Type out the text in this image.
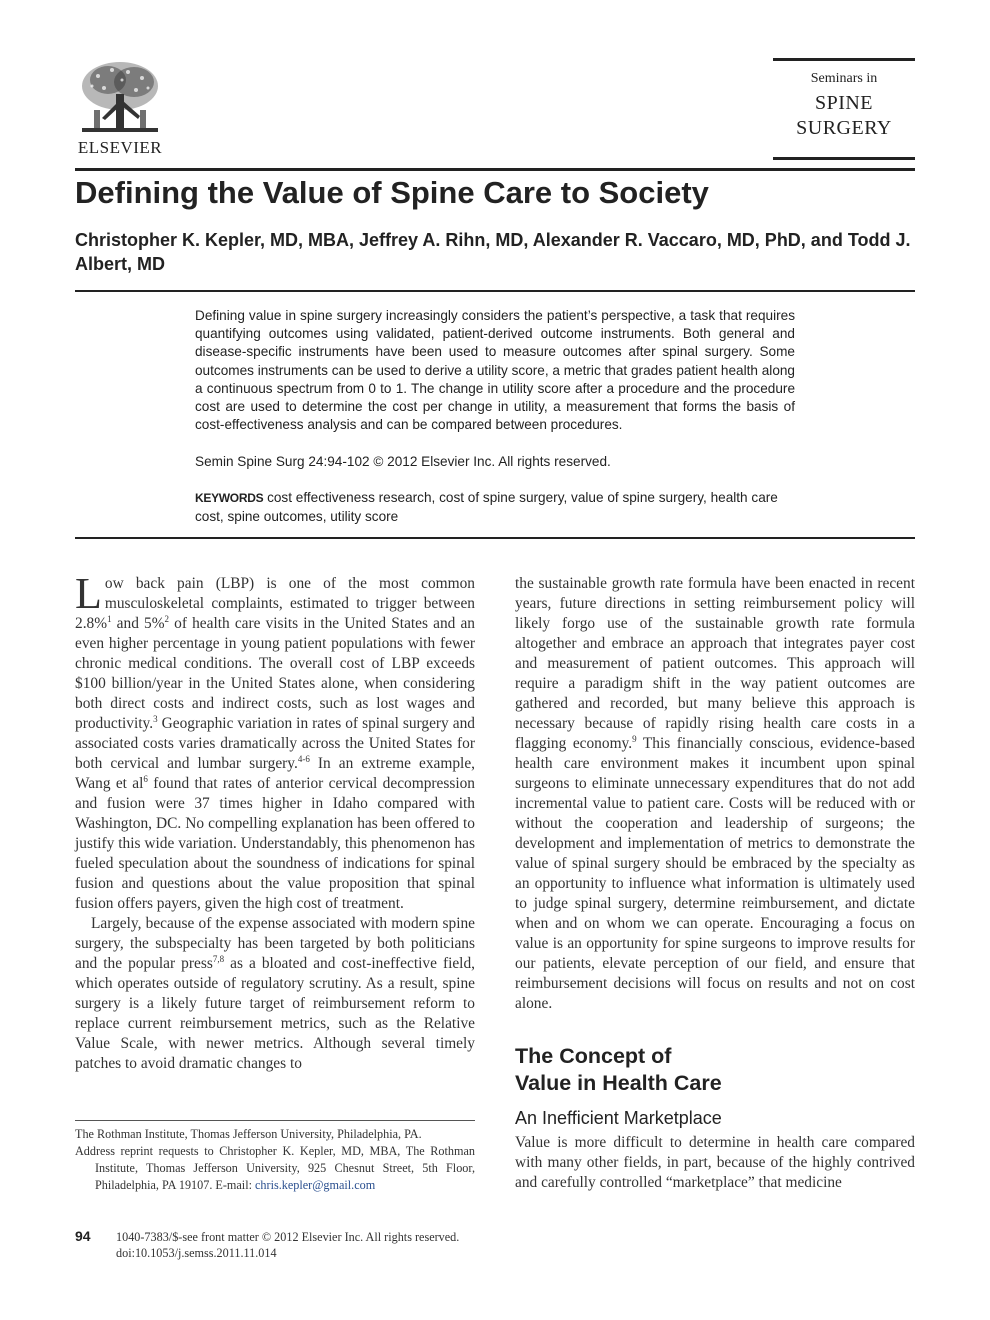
ELSEVIER
Seminars in
SPINE
SURGERY
Defining the Value of Spine Care to Society
Christopher K. Kepler, MD, MBA, Jeffrey A. Rihn, MD, Alexander R. Vaccaro, MD, PhD, and Todd J. Albert, MD
Defining value in spine surgery increasingly considers the patient’s perspective, a task that requires quantifying outcomes using validated, patient-derived outcome instruments. Both general and disease-specific instruments have been used to measure outcomes after spinal surgery. Some outcomes instruments can be used to derive a utility score, a metric that grades patient health along a continuous spectrum from 0 to 1. The change in utility score after a procedure and the procedure cost are used to determine the cost per change in utility, a measurement that forms the basis of cost-effectiveness analysis and can be compared between procedures.
Semin Spine Surg 24:94-102 © 2012 Elsevier Inc. All rights reserved.
KEYWORDS cost effectiveness research, cost of spine surgery, value of spine surgery, health care cost, spine outcomes, utility score

Low back pain (LBP) is one of the most common musculoskeletal complaints, estimated to trigger between 2.8%$^1$ and 5%$^2$ of health care visits in the United States and an even higher percentage in young patient populations with fewer chronic medical conditions. The overall cost of LBP exceeds $100 billion/year in the United States alone, when considering both direct costs and indirect costs, such as lost wages and productivity.$^3$ Geographic variation in rates of spinal surgery and associated costs varies dramatically across the United States for both cervical and lumbar surgery.$^{4-6}$ In an extreme example, Wang et $al^6$ found that rates of anterior cervical decompression and fusion were 37 times higher in Idaho compared with Washington, DC. No compelling explanation has been offered to justify this wide variation. Understandably, this phenomenon has fueled speculation about the soundness of indications for spinal fusion and questions about the value proposition that spinal fusion offers payers, given the high cost of treatment.

Largely, because of the expense associated with modern spine surgery, the subspecialty has been targeted by both politicians and the popular press$^{7,8}$ as a bloated and cost-ineffective field, which operates outside of regulatory scrutiny. As a result, spine surgery is a likely future target of reimbursement reform to replace current reimbursement metrics, such as the Relative Value Scale, with newer metrics. Although several timely patches to avoid dramatic changes to

the sustainable growth rate formula have been enacted in recent years, future directions in setting reimbursement policy will likely forgo use of the sustainable growth rate formula altogether and embrace an approach that integrates payer cost and measurement of patient outcomes. This approach will require a paradigm shift in the way patient outcomes are gathered and recorded, but many believe this approach is necessary because of rapidly rising health care costs in a flagging economy.$^9$ This financially conscious, evidence-based health care environment makes it incumbent upon spinal surgeons to eliminate unnecessary expenditures that do not add incremental value to patient care. Costs will be reduced with or without the cooperation and leadership of surgeons; the development and implementation of metrics to demonstrate the value of spinal surgery should be embraced by the specialty as an opportunity to influence what information is ultimately used to judge spinal surgery, determine reimbursement, and dictate when and on whom we can operate. Encouraging a focus on value is an opportunity for spine surgeons to improve results for our patients, elevate perception of our field, and ensure that reimbursement decisions will focus on results and not on cost alone.

The Concept of
Value in Health Care
An Inefficient Marketplace
Value is more difficult to determine in health care compared with many other fields, in part, because of the highly contrived and carefully controlled “marketplace” that medicine

The Rothman Institute, Thomas Jefferson University, Philadelphia, PA.

Address reprint requests to Christopher K. Kepler, MD, MBA, The Rothman Institute, Thomas Jefferson University, 925 Chesnut Street, 5th Floor, Philadelphia, PA 19107. E-mail: chris.kepler@gmail.com

94 1040-7383/$-see front matter © 2012 Elsevier Inc. All rights reserved.
doi:10.1053/j.semss.2011.11.014
